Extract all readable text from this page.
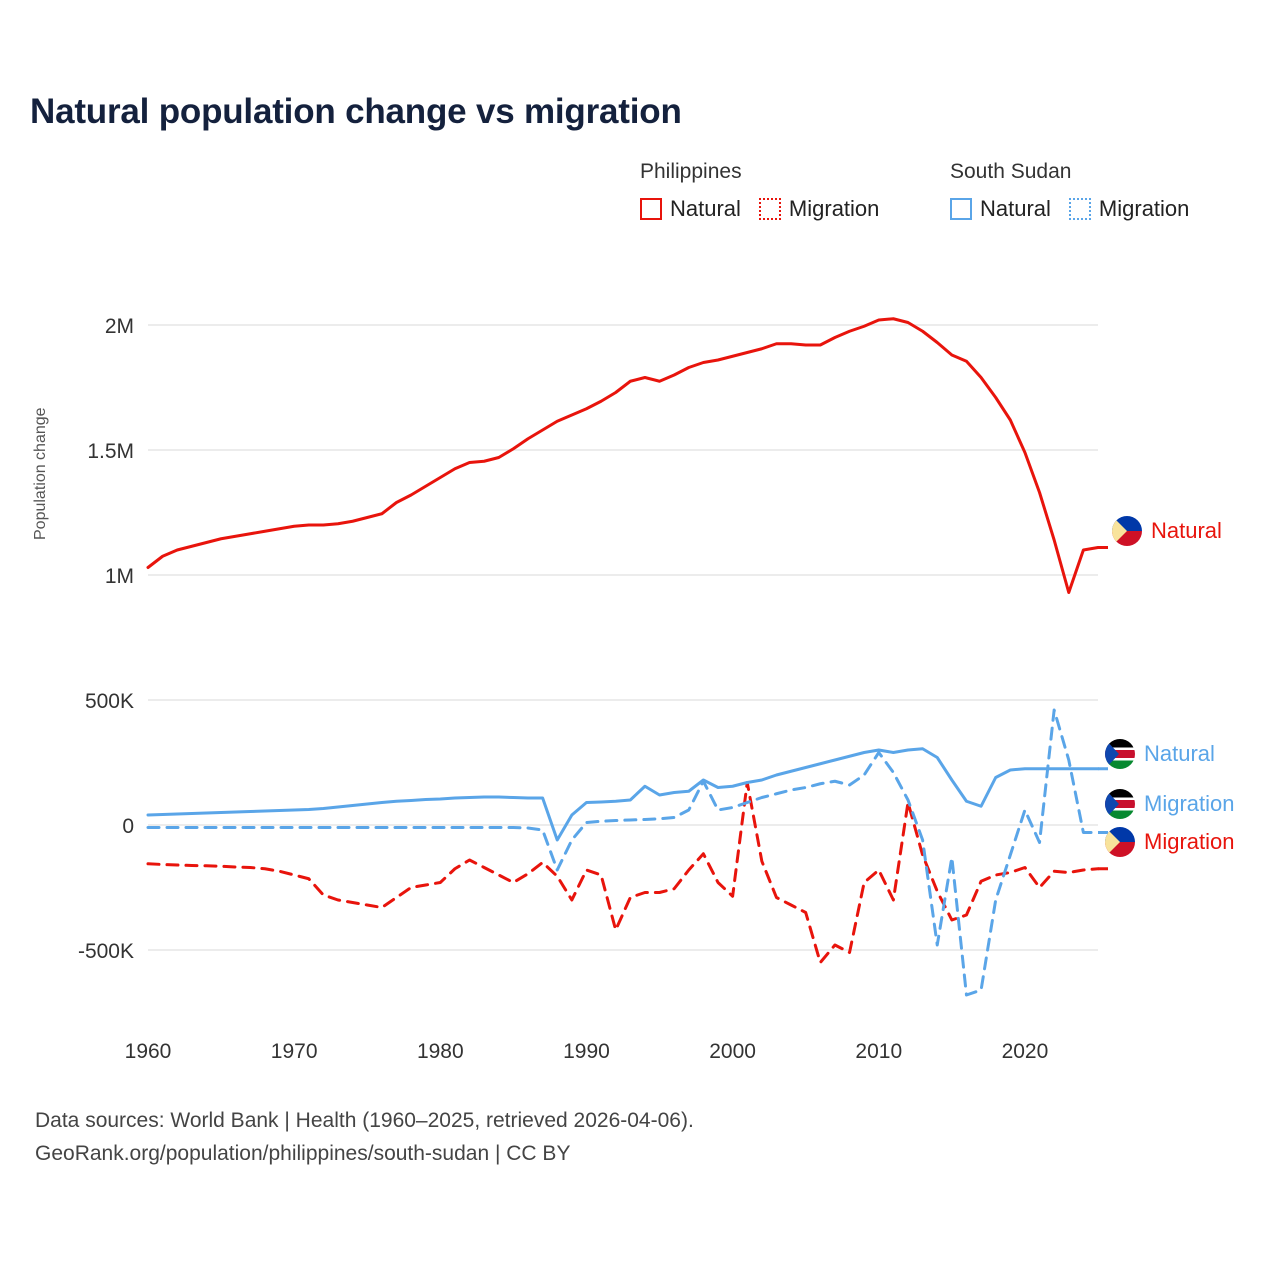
Natural population change vs migration
Philippines
Natural Migration
South Sudan
Natural Migration
Population change
-500K
0
500K
1M
1.5M
2M
1960	1970	1980	1990	2000	2010	2020
Natural
Natural
Migration
Migration
Data sources: World Bank | Health (1960–2025, retrieved 2026-04-06).
GeoRank.org/population/philippines/south-sudan | CC BY
